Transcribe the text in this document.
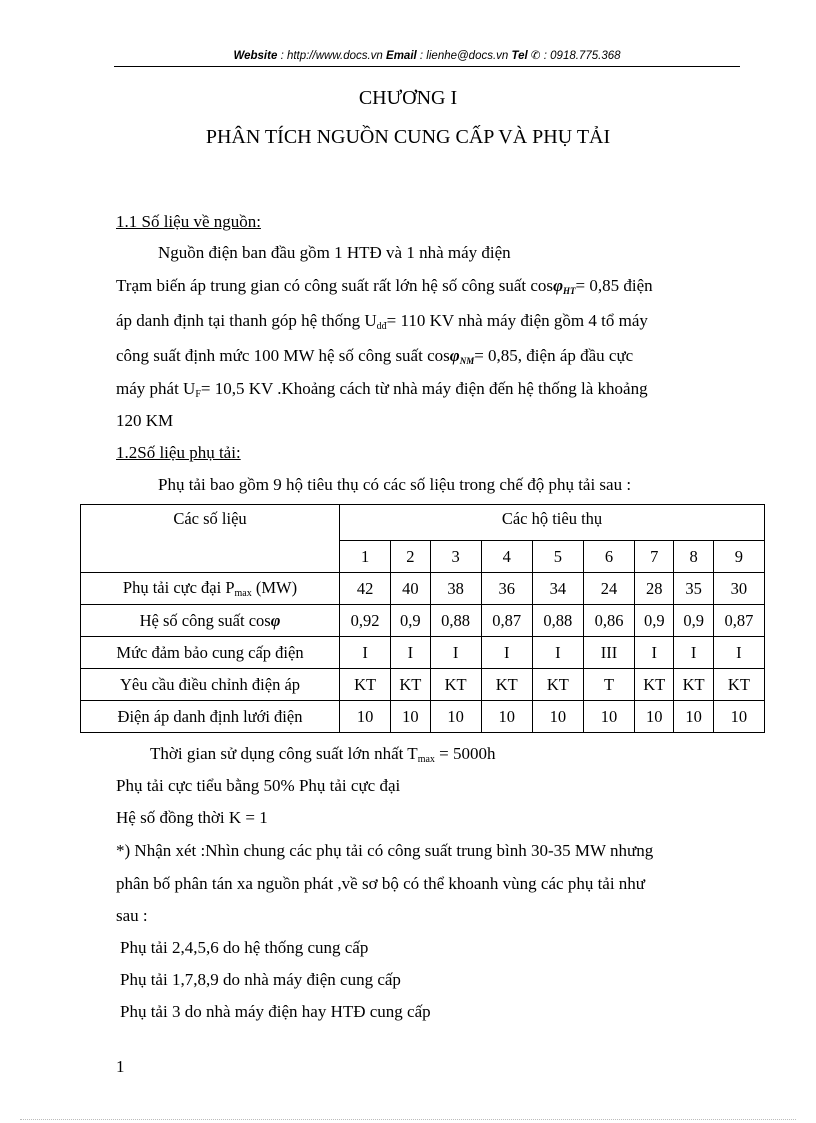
Website : http://www.docs.vn Email : lienhe@docs.vn Tel ✆ : 0918.775.368
CHƯƠNG I
PHÂN TÍCH NGUỒN CUNG CẤP VÀ PHỤ TẢI
1.1 Số liệu về nguồn:
Nguồn điện ban đầu gồm 1 HTĐ và 1 nhà máy điện
Trạm biến áp trung gian có công suất rất lớn hệ số công suất cosφHT= 0,85 điện
áp danh định tại thanh góp hệ thống Udđ= 110 KV nhà máy điện gồm 4 tổ máy
công suất định mức 100 MW hệ số công suất cosφNM= 0,85, điện áp đầu cực
máy phát UF= 10,5 KV .Khoảng cách từ nhà máy điện đến hệ thống là khoảng
120 KM
1.2Số liệu phụ tải:
Phụ tải bao gồm 9 hộ tiêu thụ có các số liệu trong chế độ phụ tải sau :
Các số liệu	Các hộ tiêu thụ								
	1	2	3	4	5	6	7	8	9
Phụ tải cực đại Pmax (MW)	42	40	38	36	34	24	28	35	30
Hệ số công suất cosφ	0,92	0,9	0,88	0,87	0,88	0,86	0,9	0,9	0,87
Mức đảm bảo cung cấp điện	I	I	I	I	I	III	I	I	I
Yêu cầu điều chỉnh điện áp	KT	KT	KT	KT	KT	T	KT	KT	KT
Điện áp danh định lưới điện	10	10	10	10	10	10	10	10	10
Thời gian sử dụng công suất lớn nhất Tmax = 5000h
Phụ tải cực tiểu bằng 50% Phụ tải cực đại
Hệ số đồng thời K = 1
*) Nhận xét :Nhìn chung các phụ tải có công suất trung bình 30-35 MW nhưng
phân bố phân tán xa nguồn phát ,về sơ bộ có thể khoanh vùng các phụ tải như
sau :
Phụ tải 2,4,5,6 do hệ thống cung cấp
Phụ tải 1,7,8,9 do nhà máy điện cung cấp
Phụ tải 3 do nhà máy điện hay HTĐ cung cấp
1
